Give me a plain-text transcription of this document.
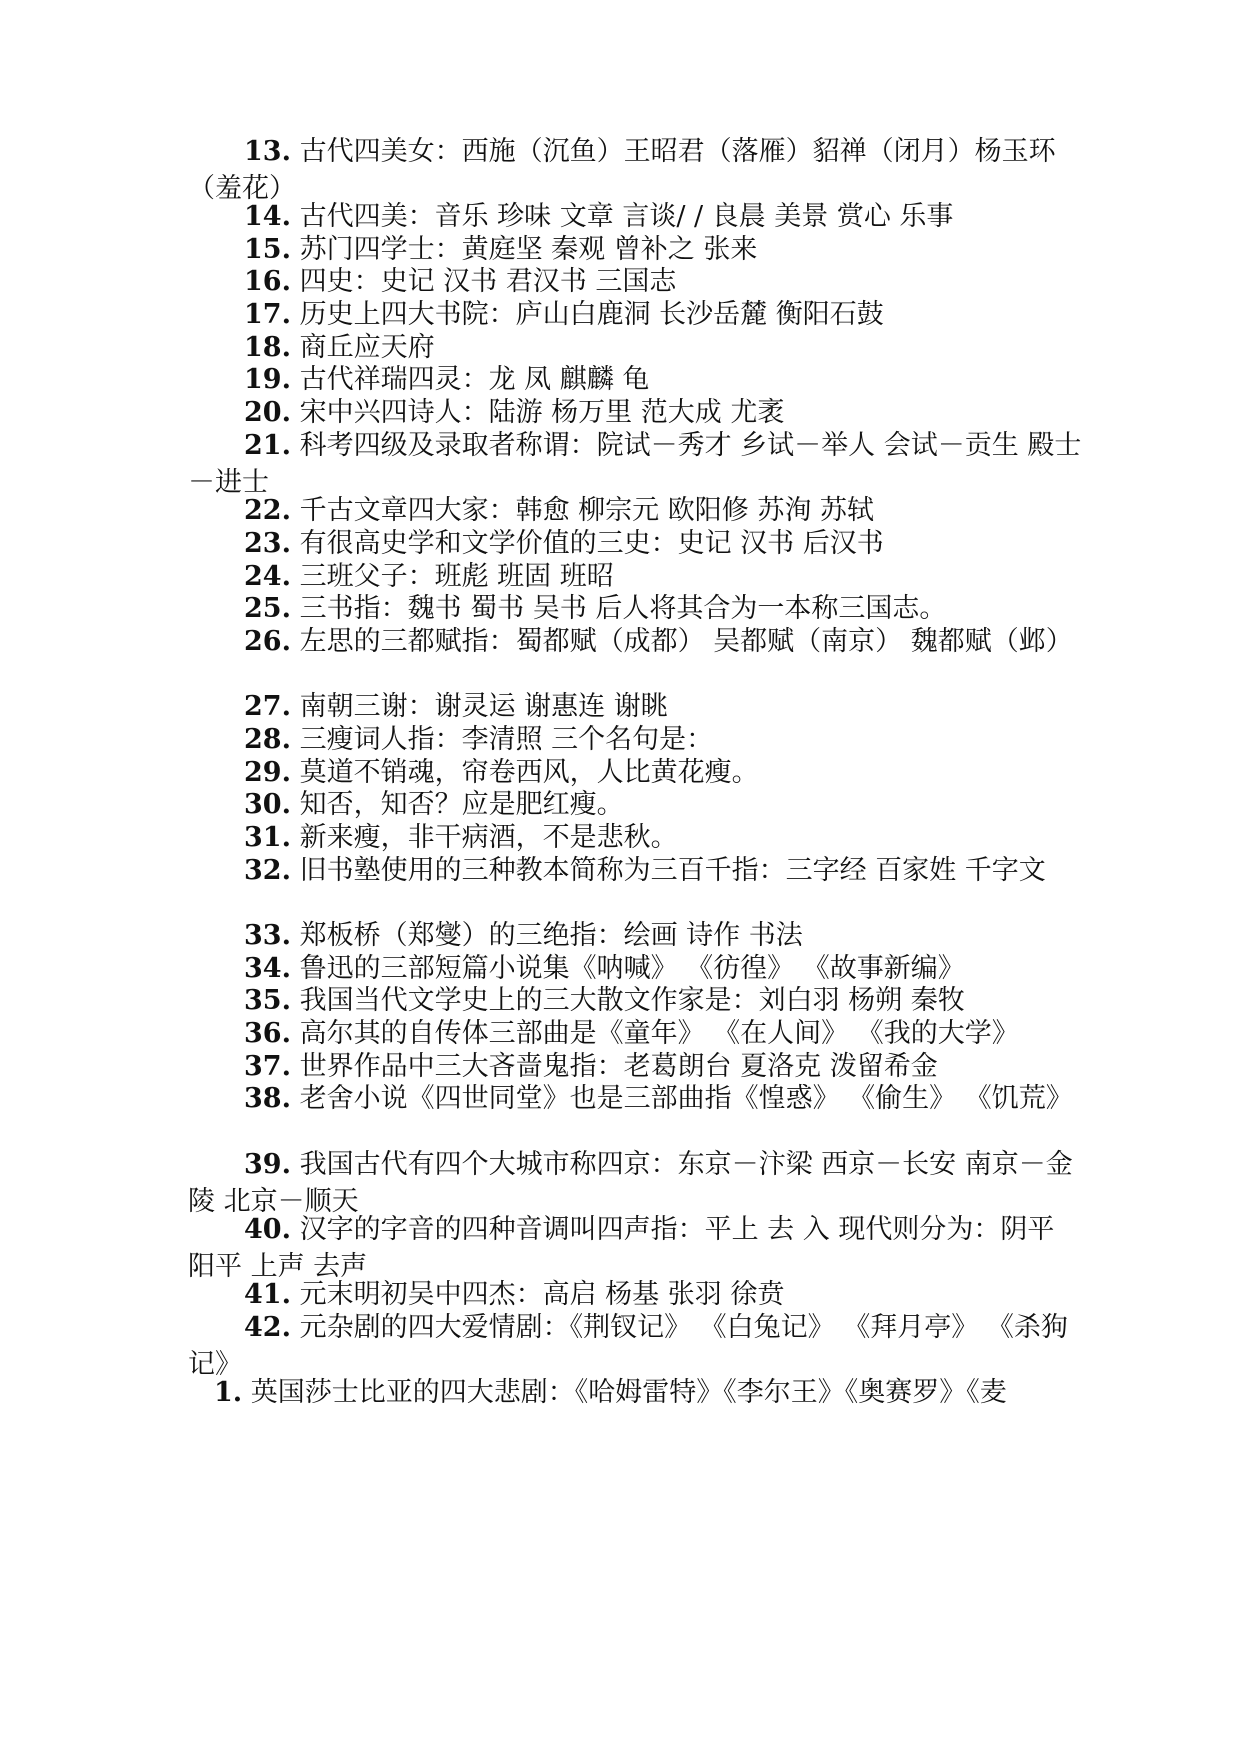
13. 古代四美女：西施（沉鱼）王昭君（落雁）貂禅（闭月）杨玉环（羞花）

14. 古代四美：音乐 珍味 文章 言谈/ / 良晨 美景 赏心 乐事

15. 苏门四学士：黄庭坚 秦观 曾补之 张来

16. 四史：史记 汉书 君汉书 三国志

17. 历史上四大书院：庐山白鹿洞 长沙岳麓 衡阳石鼓

18. 商丘应天府

19. 古代祥瑞四灵：龙 凤 麒麟 龟

20. 宋中兴四诗人：陆游 杨万里 范大成 尤袤

21. 科考四级及录取者称谓：院试－秀才 乡试－举人 会试－贡生 殿士－进士

22. 千古文章四大家：韩愈 柳宗元 欧阳修 苏洵 苏轼

23. 有很高史学和文学价值的三史：史记 汉书 后汉书

24. 三班父子：班彪 班固 班昭

25. 三书指：魏书 蜀书 吴书 后人将其合为一本称三国志。

26. 左思的三都赋指：蜀都赋（成都） 吴都赋（南京） 魏都赋（邺）

27. 南朝三谢：谢灵运 谢惠连 谢眺

28. 三瘦词人指：李清照 三个名句是：

29. 莫道不销魂，帘卷西风，人比黄花瘦。

30. 知否，知否？应是肥红瘦。

31. 新来瘦，非干病酒，不是悲秋。

32. 旧书塾使用的三种教本简称为三百千指：三字经 百家姓 千字文

33. 郑板桥（郑燮）的三绝指：绘画 诗作 书法

34. 鲁迅的三部短篇小说集《呐喊》 《彷徨》 《故事新编》

35. 我国当代文学史上的三大散文作家是：刘白羽 杨朔 秦牧

36. 高尔其的自传体三部曲是《童年》 《在人间》 《我的大学》

37. 世界作品中三大吝啬鬼指：老葛朗台 夏洛克 泼留希金

38. 老舍小说《四世同堂》也是三部曲指《惶惑》 《偷生》 《饥荒》

39. 我国古代有四个大城市称四京：东京－汴梁 西京－长安 南京－金陵 北京－顺天

40. 汉字的字音的四种音调叫四声指：平上 去 入 现代则分为：阴平 阳平 上声 去声

41. 元末明初吴中四杰：高启 杨基 张羽 徐贲

42. 元杂剧的四大爱情剧：《荆钗记》 《白兔记》 《拜月亭》 《杀狗记》

1. 英国莎士比亚的四大悲剧：《哈姆雷特》《李尔王》《奥赛罗》《麦
